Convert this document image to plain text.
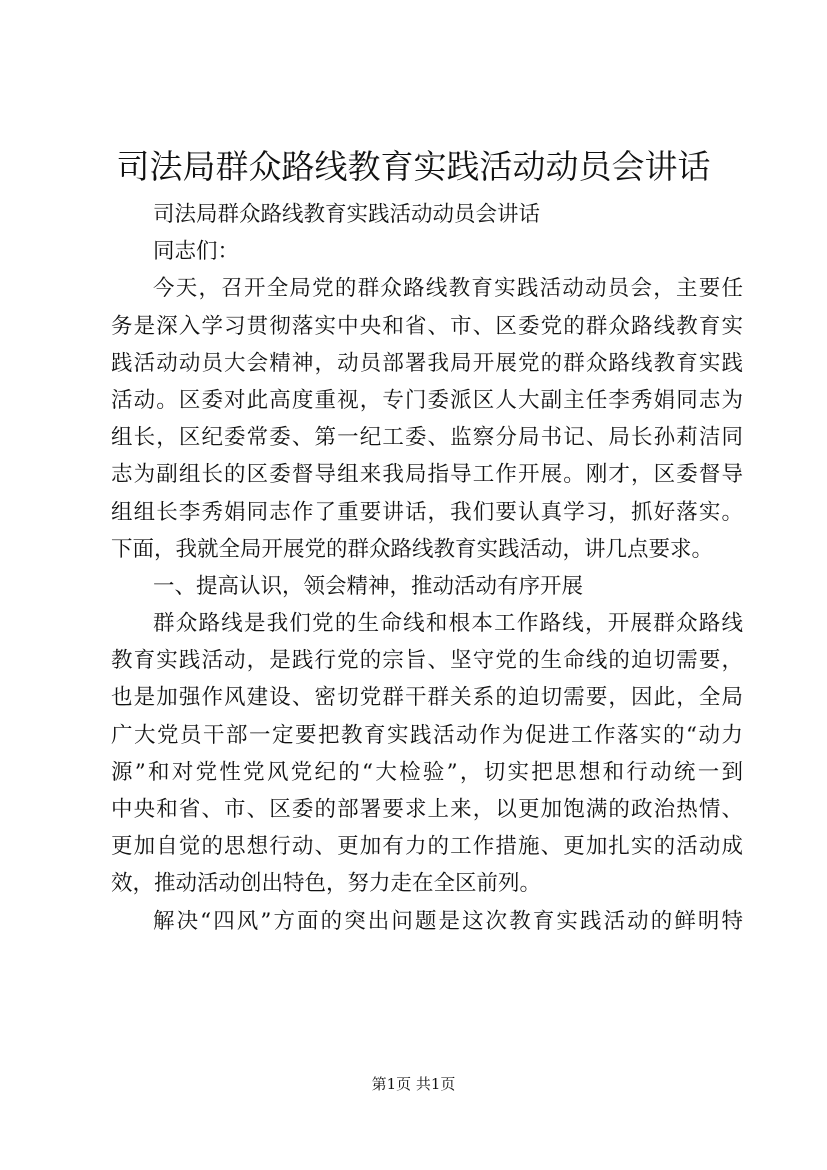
司法局群众路线教育实践活动动员会讲话
司法局群众路线教育实践活动动员会讲话
同志们：
今天，召开全局党的群众路线教育实践活动动员会，主要任
务是深入学习贯彻落实中央和省、市、区委党的群众路线教育实
践活动动员大会精神，动员部署我局开展党的群众路线教育实践
活动。区委对此高度重视，专门委派区人大副主任李秀娟同志为
组长，区纪委常委、第一纪工委、监察分局书记、局长孙莉洁同
志为副组长的区委督导组来我局指导工作开展。刚才，区委督导
组组长李秀娟同志作了重要讲话，我们要认真学习，抓好落实。
下面，我就全局开展党的群众路线教育实践活动，讲几点要求。
一、提高认识，领会精神，推动活动有序开展
群众路线是我们党的生命线和根本工作路线，开展群众路线
教育实践活动，是践行党的宗旨、坚守党的生命线的迫切需要，
也是加强作风建设、密切党群干群关系的迫切需要，因此，全局
广大党员干部一定要把教育实践活动作为促进工作落实的“动力
源”和对党性党风党纪的“大检验”，切实把思想和行动统一到
中央和省、市、区委的部署要求上来，以更加饱满的政治热情、
更加自觉的思想行动、更加有力的工作措施、更加扎实的活动成
效，推动活动创出特色，努力走在全区前列。
解决“四风”方面的突出问题是这次教育实践活动的鲜明特
第1页 共1页
